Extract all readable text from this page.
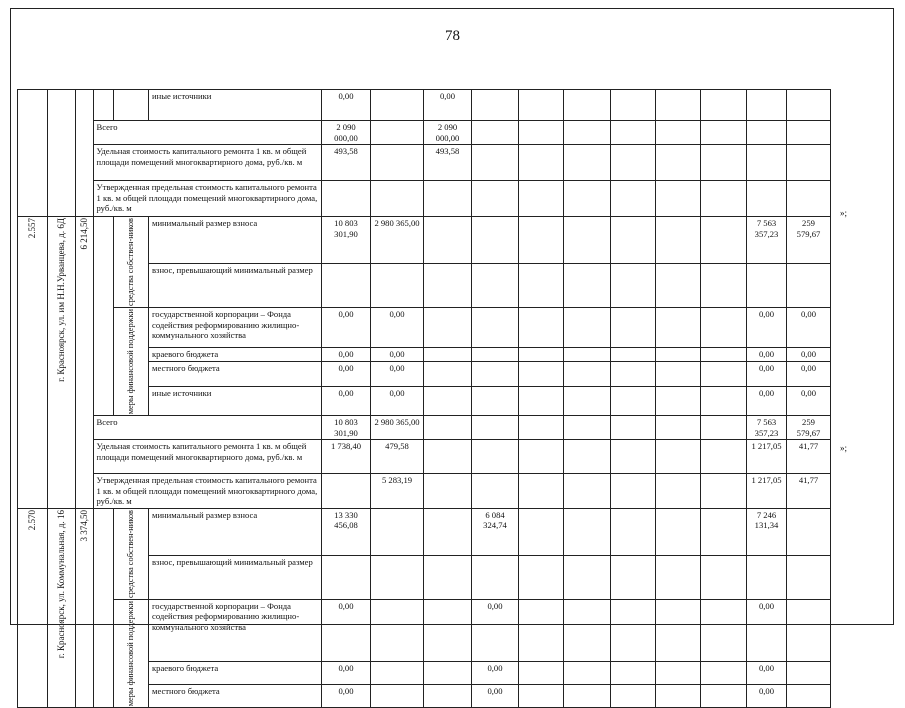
78
					иные источники	0,00		0,00								
			Всего			2 090 000,00		2 090 000,00								
			Удельная стоимость капитального ремонта 1 кв. м общей площади помещений многоквартирного дома, руб./кв. м			493,58		493,58								
			Утвержденная предельная стоимость капитального ремонта 1 кв. м общей площади помещений многоквартирного дома, руб./кв. м													

2.557	г. Красноярск, ул. им Н.Н.Урванцева, д. 6Д	6 214,50		средства собствен-ников	минимальный размер взноса	10 803 301,90	2 980 365,00								7 563 357,23	259 579,67
					взнос, превышающий минимальный размер											

				меры финансовой поддержки	государственной корпорации – Фонда содействия реформированию жилищно-коммунального хозяйства	0,00	0,00								0,00	0,00
					краевого бюджета	0,00	0,00								0,00	0,00
					местного бюджета	0,00	0,00								0,00	0,00
					иные источники	0,00	0,00								0,00	0,00
			Всего			10 803 301,90	2 980 365,00								7 563 357,23	259 579,67
			Удельная стоимость капитального ремонта 1 кв. м общей площади помещений многоквартирного дома, руб./кв. м			1 738,40	479,58								1 217,05	41,77
			Утвержденная предельная стоимость капитального ремонта 1 кв. м общей площади помещений многоквартирного дома, руб./кв. м				5 283,19								1 217,05	41,77

2.570	г. Красноярск, ул. Коммунальная, д. 16	3 374,50		средства собствен-ников	минимальный размер взноса	13 330 456,08			6 084 324,74						7 246 131,34	
					взнос, превышающий минимальный размер											

				меры финансовой поддержки	государственной корпорации – Фонда содействия реформированию жилищно-коммунального хозяйства	0,00			0,00						0,00	
					краевого бюджета	0,00			0,00						0,00	
					местного бюджета	0,00			0,00						0,00	
»;
»;
